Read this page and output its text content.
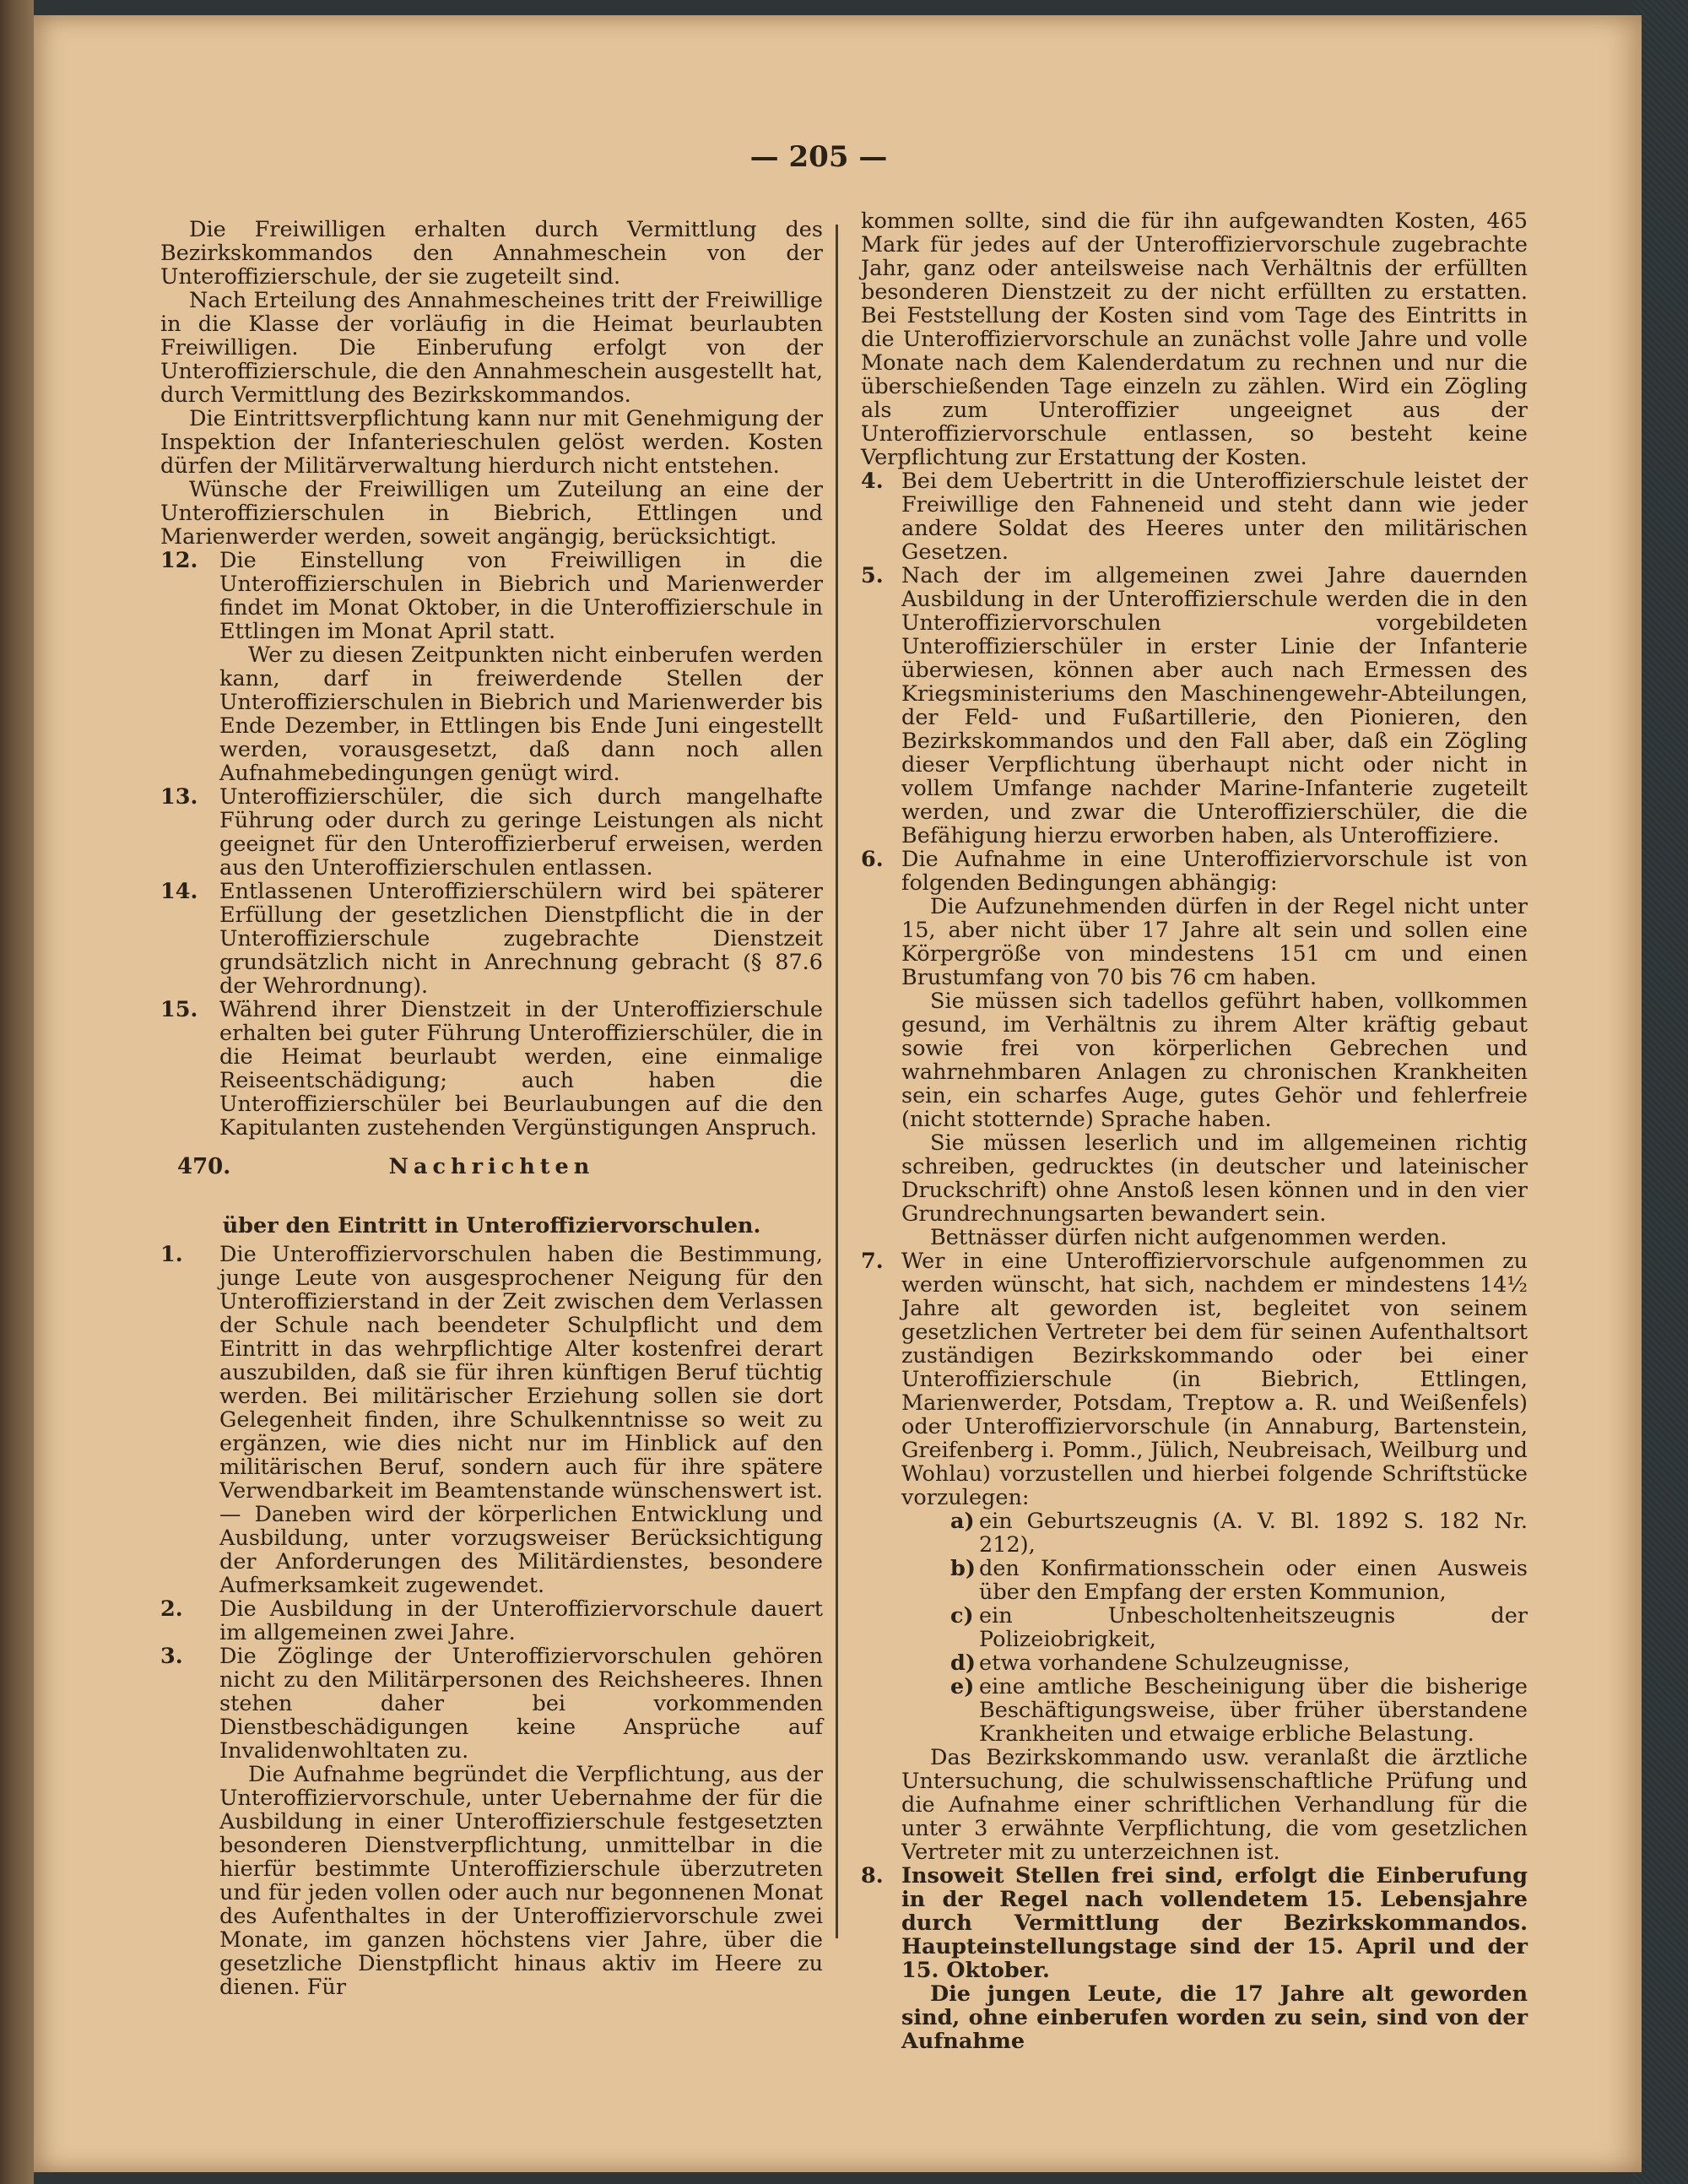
— 205 —

Die Freiwilligen erhalten durch Vermittlung des Bezirkskommandos den Annahmeschein von der Unteroffizierschule, der sie zugeteilt sind.

Nach Erteilung des Annahmescheines tritt der Freiwillige in die Klasse der vorläufig in die Heimat beurlaubten Freiwilligen. Die Einberufung erfolgt von der Unteroffizierschule, die den Annahmeschein ausgestellt hat, durch Vermittlung des Bezirkskommandos.

Die Eintrittsverpflichtung kann nur mit Genehmigung der Inspektion der Infanterieschulen gelöst werden. Kosten dürfen der Militärverwaltung hierdurch nicht entstehen.

Wünsche der Freiwilligen um Zuteilung an eine der Unteroffizierschulen in Biebrich, Ettlingen und Marienwerder werden, soweit angängig, berücksichtigt.

12. Die Einstellung von Freiwilligen in die Unteroffizierschulen in Biebrich und Marienwerder findet im Monat Oktober, in die Unteroffizierschule in Ettlingen im Monat April statt.

Wer zu diesen Zeitpunkten nicht einberufen werden kann, darf in freiwerdende Stellen der Unteroffizierschulen in Biebrich und Marienwerder bis Ende Dezember, in Ettlingen bis Ende Juni eingestellt werden, vorausgesetzt, daß dann noch allen Aufnahmebedingungen genügt wird.

13. Unteroffizierschüler, die sich durch mangelhafte Führung oder durch zu geringe Leistungen als nicht geeignet für den Unteroffizierberuf erweisen, werden aus den Unteroffizierschulen entlassen.

14. Entlassenen Unteroffizierschülern wird bei späterer Erfüllung der gesetzlichen Dienstpflicht die in der Unteroffizierschule zugebrachte Dienstzeit grundsätzlich nicht in Anrechnung gebracht (§ 87.6 der Wehrordnung).

15. Während ihrer Dienstzeit in der Unteroffizierschule erhalten bei guter Führung Unteroffizierschüler, die in die Heimat beurlaubt werden, eine einmalige Reiseentschädigung; auch haben die Unteroffizierschüler bei Beurlaubungen auf die den Kapitulanten zustehenden Vergünstigungen Anspruch.

470.	Nachrichten

über den Eintritt in Unteroffiziervorschulen.

1. Die Unteroffiziervorschulen haben die Bestimmung, junge Leute von ausgesprochener Neigung für den Unteroffizierstand in der Zeit zwischen dem Verlassen der Schule nach beendeter Schulpflicht und dem Eintritt in das wehrpflichtige Alter kostenfrei derart auszubilden, daß sie für ihren künftigen Beruf tüchtig werden. Bei militärischer Erziehung sollen sie dort Gelegenheit finden, ihre Schulkenntnisse so weit zu ergänzen, wie dies nicht nur im Hinblick auf den militärischen Beruf, sondern auch für ihre spätere Verwendbarkeit im Beamtenstande wünschenswert ist. — Daneben wird der körperlichen Entwicklung und Ausbildung, unter vorzugsweiser Berücksichtigung der Anforderungen des Militärdienstes, besondere Aufmerksamkeit zugewendet.

2. Die Ausbildung in der Unteroffiziervorschule dauert im allgemeinen zwei Jahre.

3. Die Zöglinge der Unteroffiziervorschulen gehören nicht zu den Militärpersonen des Reichsheeres. Ihnen stehen daher bei vorkommenden Dienstbeschädigungen keine Ansprüche auf Invalidenwohltaten zu.

Die Aufnahme begründet die Verpflichtung, aus der Unteroffiziervorschule, unter Uebernahme der für die Ausbildung in einer Unteroffizierschule festgesetzten besonderen Dienstverpflichtung, unmittelbar in die hierfür bestimmte Unteroffizierschule überzutreten und für jeden vollen oder auch nur begonnenen Monat des Aufenthaltes in der Unteroffiziervorschule zwei Monate, im ganzen höchstens vier Jahre, über die gesetzliche Dienstpflicht hinaus aktiv im Heere zu dienen. Für

kommen sollte, sind die für ihn aufgewandten Kosten, 465 Mark für jedes auf der Unteroffiziervorschule zugebrachte Jahr, ganz oder anteilsweise nach Verhältnis der erfüllten besonderen Dienstzeit zu der nicht erfüllten zu erstatten. Bei Feststellung der Kosten sind vom Tage des Eintritts in die Unteroffiziervorschule an zunächst volle Jahre und volle Monate nach dem Kalenderdatum zu rechnen und nur die überschießenden Tage einzeln zu zählen. Wird ein Zögling als zum Unteroffizier ungeeignet aus der Unteroffiziervorschule entlassen, so besteht keine Verpflichtung zur Erstattung der Kosten.

4. Bei dem Uebertritt in die Unteroffizierschule leistet der Freiwillige den Fahneneid und steht dann wie jeder andere Soldat des Heeres unter den militärischen Gesetzen.

5. Nach der im allgemeinen zwei Jahre dauernden Ausbildung in der Unteroffizierschule werden die in den Unteroffiziervorschulen vorgebildeten Unteroffizierschüler in erster Linie der Infanterie überwiesen, können aber auch nach Ermessen des Kriegsministeriums den Maschinengewehr-Abteilungen, der Feld- und Fußartillerie, den Pionieren, den Bezirkskommandos und den Fall aber, daß ein Zögling dieser Verpflichtung überhaupt nicht oder nicht in vollem Umfange nachder Marine-Infanterie zugeteilt werden, und zwar die Unteroffizierschüler, die die Befähigung hierzu erworben haben, als Unteroffiziere.

6. Die Aufnahme in eine Unteroffiziervorschule ist von folgenden Bedingungen abhängig:

Die Aufzunehmenden dürfen in der Regel nicht unter 15, aber nicht über 17 Jahre alt sein und sollen eine Körpergröße von mindestens 151 cm und einen Brustumfang von 70 bis 76 cm haben.

Sie müssen sich tadellos geführt haben, vollkommen gesund, im Verhältnis zu ihrem Alter kräftig gebaut sowie frei von körperlichen Gebrechen und wahrnehmbaren Anlagen zu chronischen Krankheiten sein, ein scharfes Auge, gutes Gehör und fehlerfreie (nicht stotternde) Sprache haben.

Sie müssen leserlich und im allgemeinen richtig schreiben, gedrucktes (in deutscher und lateinischer Druckschrift) ohne Anstoß lesen können und in den vier Grundrechnungsarten bewandert sein.

Bettnässer dürfen nicht aufgenommen werden.

7. Wer in eine Unteroffiziervorschule aufgenommen zu werden wünscht, hat sich, nachdem er mindestens 14½ Jahre alt geworden ist, begleitet von seinem gesetzlichen Vertreter bei dem für seinen Aufenthaltsort zuständigen Bezirkskommando oder bei einer Unteroffizierschule (in Biebrich, Ettlingen, Marienwerder, Potsdam, Treptow a. R. und Weißenfels) oder Unteroffiziervorschule (in Annaburg, Bartenstein, Greifenberg i. Pomm., Jülich, Neubreisach, Weilburg und Wohlau) vorzustellen und hierbei folgende Schriftstücke vorzulegen:

a) ein Geburtszeugnis (A. V. Bl. 1892 S. 182 Nr. 212),
b) den Konfirmationsschein oder einen Ausweis über den Empfang der ersten Kommunion,
c) ein Unbescholtenheitszeugnis der Polizeiobrigkeit,
d) etwa vorhandene Schulzeugnisse,
e) eine amtliche Bescheinigung über die bisherige Beschäftigungsweise, über früher überstandene Krankheiten und etwaige erbliche Belastung.

Das Bezirkskommando usw. veranlaßt die ärztliche Untersuchung, die schulwissenschaftliche Prüfung und die Aufnahme einer schriftlichen Verhandlung für die unter 3 erwähnte Verpflichtung, die vom gesetzlichen Vertreter mit zu unterzeichnen ist.

8. Insoweit Stellen frei sind, erfolgt die Einberufung in der Regel nach vollendetem 15. Lebensjahre durch Vermittlung der Bezirkskommandos. Haupteinstellungstage sind der 15. April und der 15. Oktober.

Die jungen Leute, die 17 Jahre alt geworden sind, ohne einberufen worden zu sein, sind von der Aufnahme
